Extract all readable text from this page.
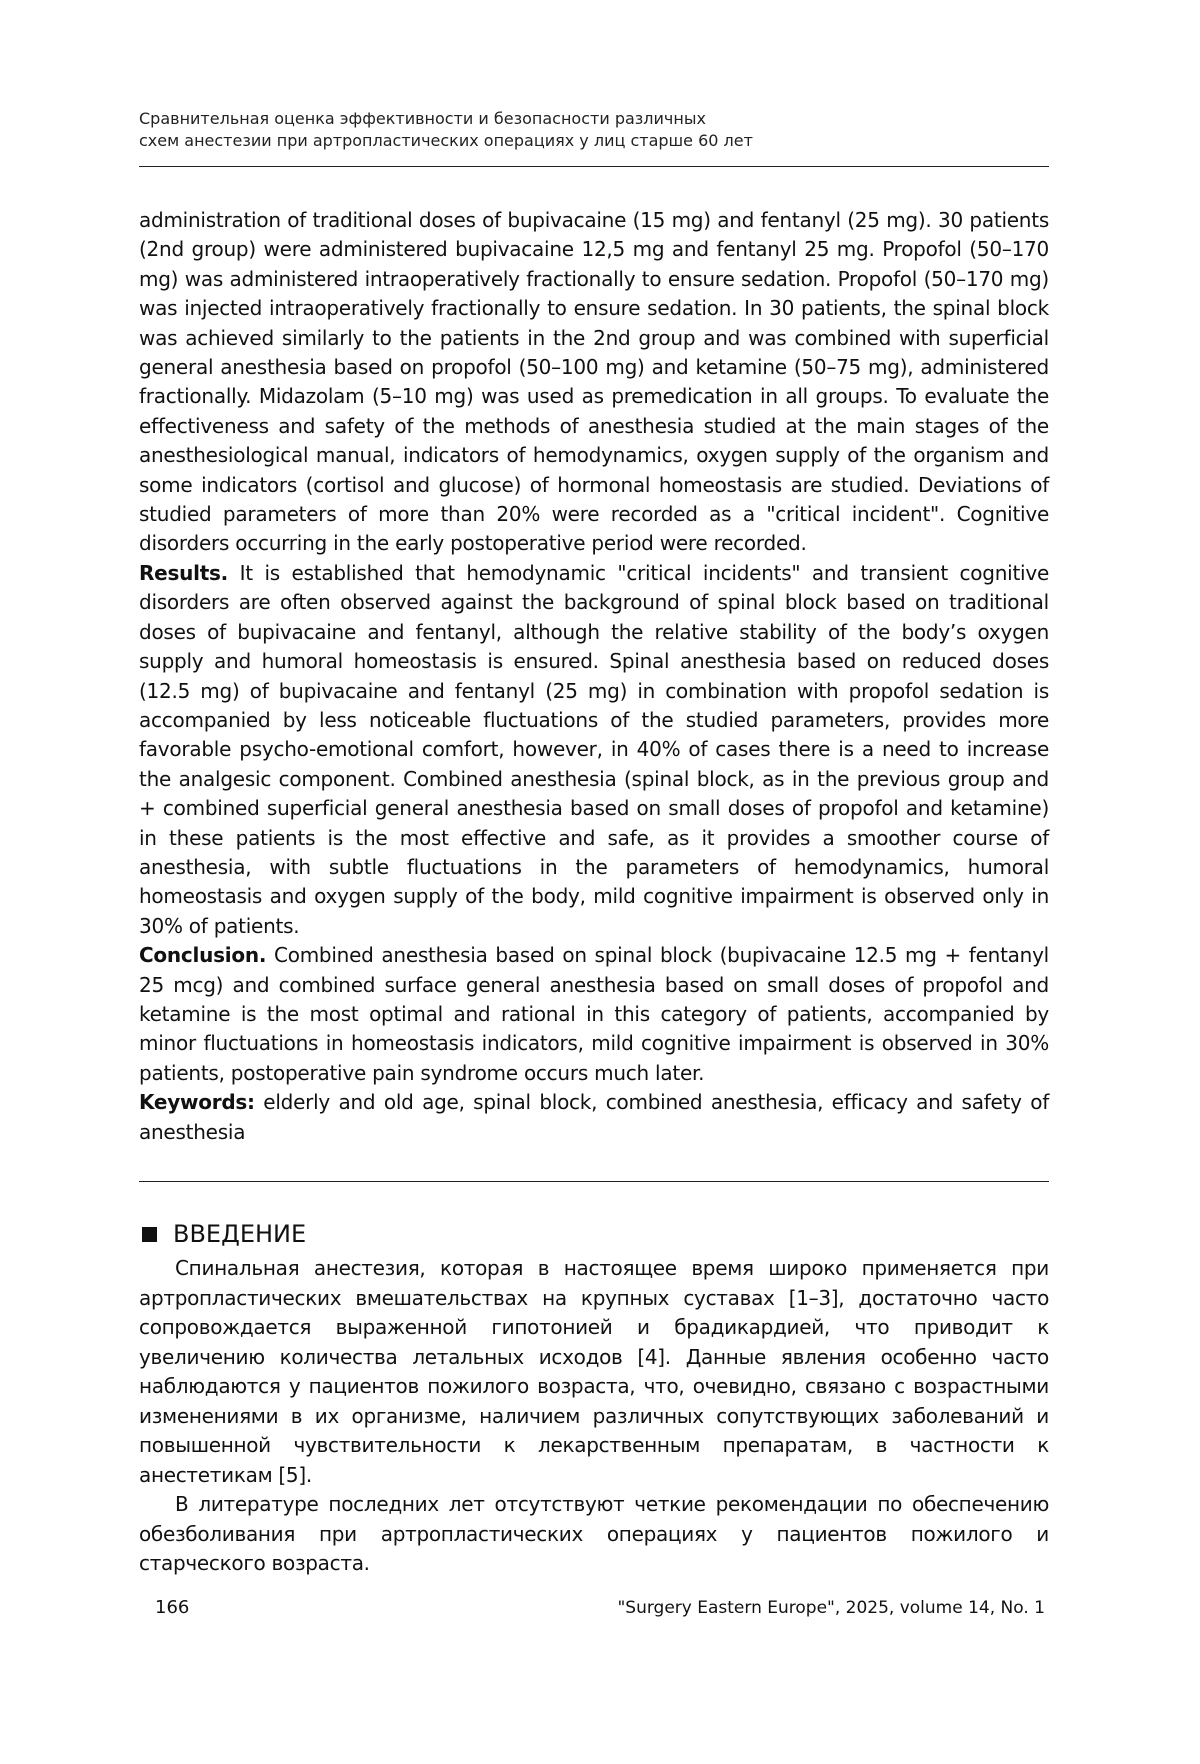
Сравнительная оценка эффективности и безопасности различных
схем анестезии при артропластических операциях у лиц старше 60 лет

administration of traditional doses of bupivacaine (15 mg) and fentanyl (25 mg). 30 patients (2nd group) were administered bupivacaine 12,5 mg and fentanyl 25 mg. Propofol (50–170 mg) was administered intraoperatively fractionally to ensure sedation. Propofol (50–170 mg) was injected intraoperatively fractionally to ensure sedation. In 30 patients, the spinal block was achieved similarly to the patients in the 2nd group and was combined with superficial general anesthesia based on propofol (50–100 mg) and ketamine (50–75 mg), administered fractionally. Midazolam (5–10 mg) was used as premedication in all groups. To evaluate the effectiveness and safety of the methods of anesthesia studied at the main stages of the anesthesiological manual, indicators of hemodynamics, oxygen supply of the organism and some indicators (cortisol and glucose) of hormonal homeostasis are studied. Deviations of studied parameters of more than 20% were recorded as a "critical incident". Cognitive disorders occurring in the early postoperative period were recorded.

Results. It is established that hemodynamic "critical incidents" and transient cognitive disorders are often observed against the background of spinal block based on traditional doses of bupivacaine and fentanyl, although the relative stability of the body’s oxygen supply and humoral homeostasis is ensured. Spinal anesthesia based on reduced doses (12.5 mg) of bupivacaine and fentanyl (25 mg) in combination with propofol sedation is accompanied by less noticeable fluctuations of the studied parameters, provides more favorable psycho-emotional comfort, however, in 40% of cases there is a need to increase the analgesic component. Combined anesthesia (spinal block, as in the previous group and + combined superficial general anesthesia based on small doses of propofol and ketamine) in these patients is the most effective and safe, as it provides a smoother course of anesthesia, with subtle fluctuations in the parameters of hemodynamics, humoral homeostasis and oxygen supply of the body, mild cognitive impairment is observed only in 30% of patients.

Conclusion. Combined anesthesia based on spinal block (bupivacaine 12.5 mg + fentanyl 25 mcg) and combined surface general anesthesia based on small doses of propofol and ketamine is the most optimal and rational in this category of patients, accompanied by minor fluctuations in homeostasis indicators, mild cognitive impairment is observed in 30% patients, postoperative pain syndrome occurs much later.

Keywords: elderly and old age, spinal block, combined anesthesia, efficacy and safety of anesthesia

ВВЕДЕНИЕ

Спинальная анестезия, которая в настоящее время широко применяется при артропластических вмешательствах на крупных суставах [1–3], достаточно часто сопровождается выраженной гипотонией и брадикардией, что приводит к увеличению количества летальных исходов [4]. Данные явления особенно часто наблюдаются у пациентов пожилого возраста, что, очевидно, связано с возрастными изменениями в их организме, наличием различных сопутствующих заболеваний и повышенной чувствительности к лекарственным препаратам, в частности к анестетикам [5].

В литературе последних лет отсутствуют четкие рекомендации по обеспечению обезболивания при артропластических операциях у пациентов пожилого и старческого возраста.

166	"Surgery Eastern Europe", 2025, volume 14, No. 1
